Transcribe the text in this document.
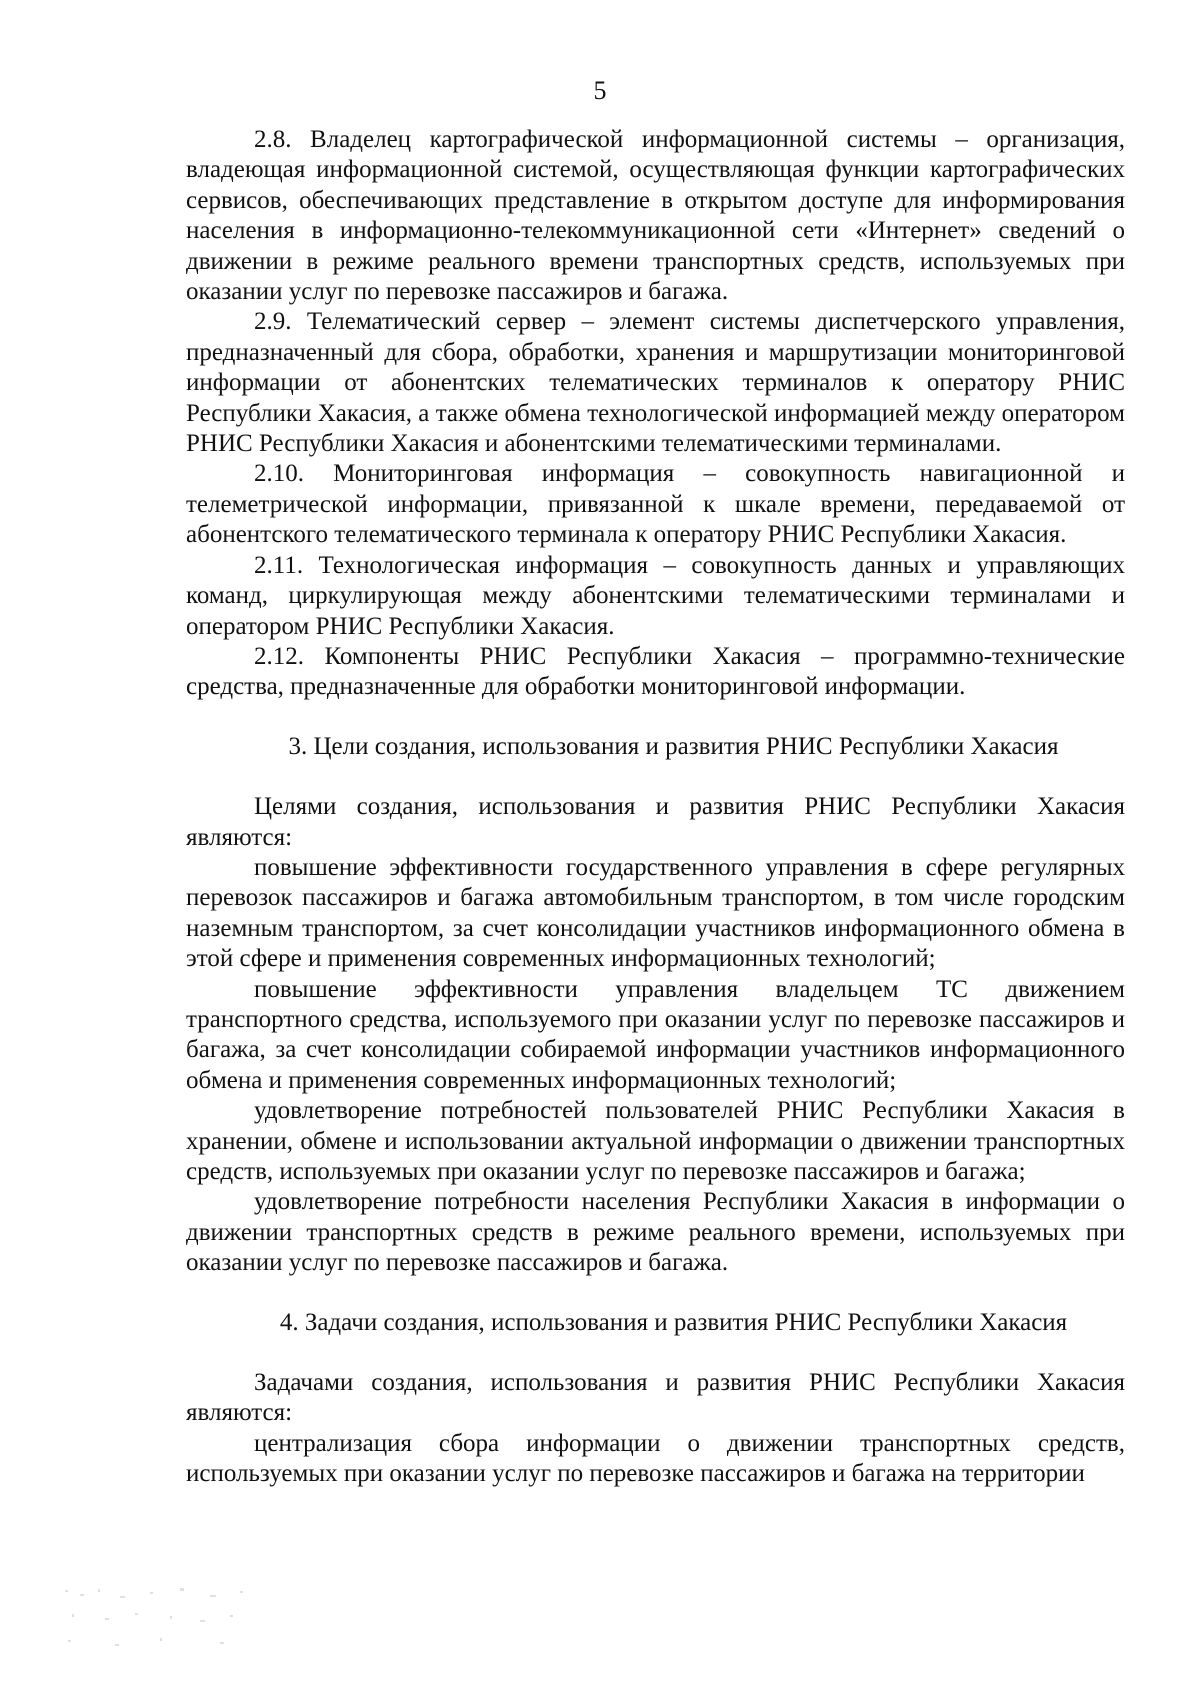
5

2.8. Владелец картографической информационной системы – организация, владеющая информационной системой, осуществляющая функции картографических сервисов, обеспечивающих представление в открытом доступе для информирования населения в информационно-телекоммуникационной сети «Интернет» сведений о движении в режиме реального времени транспортных средств, используемых при оказании услуг по перевозке пассажиров и багажа.

2.9. Телематический сервер – элемент системы диспетчерского управления, предназначенный для сбора, обработки, хранения и маршрутизации мониторинговой информации от абонентских телематических терминалов к оператору РНИС Республики Хакасия, а также обмена технологической информацией между оператором РНИС Республики Хакасия и абонентскими телематическими терминалами.

2.10. Мониторинговая информация – совокупность навигационной и телеметрической информации, привязанной к шкале времени, передаваемой от абонентского телематического терминала к оператору РНИС Республики Хакасия.

2.11. Технологическая информация – совокупность данных и управляющих команд, циркулирующая между абонентскими телематическими терминалами и оператором РНИС Республики Хакасия.

2.12. Компоненты РНИС Республики Хакасия – программно-технические средства, предназначенные для обработки мониторинговой информации.

3. Цели создания, использования и развития РНИС Республики Хакасия

Целями создания, использования и развития РНИС Республики Хакасия являются:

повышение эффективности государственного управления в сфере регулярных перевозок пассажиров и багажа автомобильным транспортом, в том числе городским наземным транспортом, за счет консолидации участников информационного обмена в этой сфере и применения современных информационных технологий;

повышение эффективности управления владельцем ТС движением транспортного средства, используемого при оказании услуг по перевозке пассажиров и багажа, за счет консолидации собираемой информации участников информационного обмена и применения современных информационных технологий;

удовлетворение потребностей пользователей РНИС Республики Хакасия в хранении, обмене и использовании актуальной информации о движении транспортных средств, используемых при оказании услуг по перевозке пассажиров и багажа;

удовлетворение потребности населения Республики Хакасия в информации о движении транспортных средств в режиме реального времени, используемых при оказании услуг по перевозке пассажиров и багажа.

4. Задачи создания, использования и развития РНИС Республики Хакасия

Задачами создания, использования и развития РНИС Республики Хакасия являются:

централизация сбора информации о движении транспортных средств, используемых при оказании услуг по перевозке пассажиров и багажа на территории
